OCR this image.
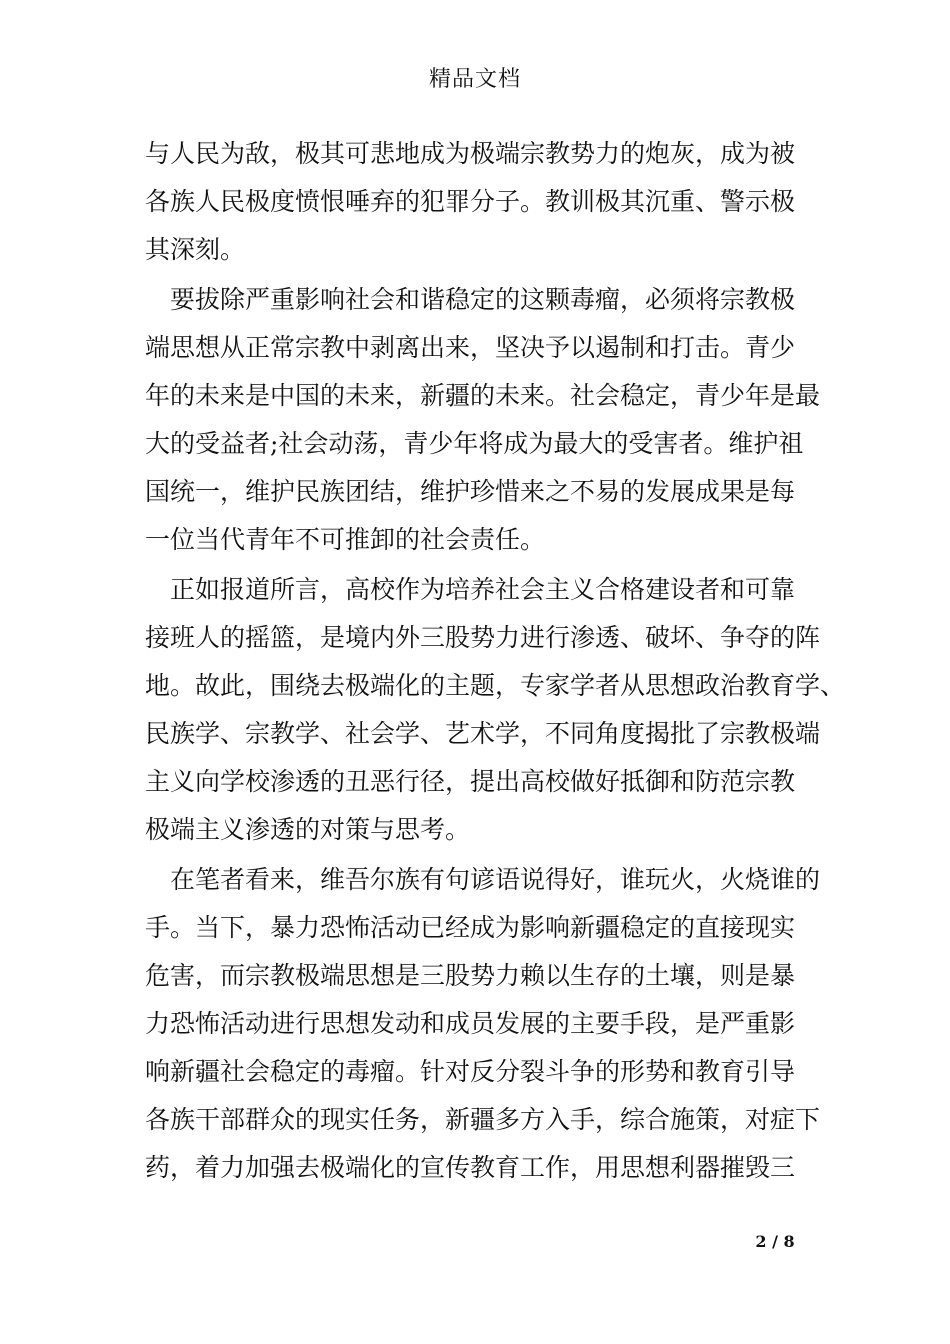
精品文档
与人民为敌，极其可悲地成为极端宗教势力的炮灰，成为被
各族人民极度愤恨唾弃的犯罪分子。教训极其沉重、警示极
其深刻。
　要拔除严重影响社会和谐稳定的这颗毒瘤，必须将宗教极
端思想从正常宗教中剥离出来，坚决予以遏制和打击。青少
年的未来是中国的未来，新疆的未来。社会稳定，青少年是最
大的受益者;社会动荡，青少年将成为最大的受害者。维护祖
国统一，维护民族团结，维护珍惜来之不易的发展成果是每
一位当代青年不可推卸的社会责任。
　正如报道所言，高校作为培养社会主义合格建设者和可靠
接班人的摇篮，是境内外三股势力进行渗透、破坏、争夺的阵
地。故此，围绕去极端化的主题，专家学者从思想政治教育学、
民族学、宗教学、社会学、艺术学，不同角度揭批了宗教极端
主义向学校渗透的丑恶行径，提出高校做好抵御和防范宗教
极端主义渗透的对策与思考。
　在笔者看来，维吾尔族有句谚语说得好，谁玩火，火烧谁的
手。当下，暴力恐怖活动已经成为影响新疆稳定的直接现实
危害，而宗教极端思想是三股势力赖以生存的土壤，则是暴
力恐怖活动进行思想发动和成员发展的主要手段，是严重影
响新疆社会稳定的毒瘤。针对反分裂斗争的形势和教育引导
各族干部群众的现实任务，新疆多方入手，综合施策，对症下
药，着力加强去极端化的宣传教育工作，用思想利器摧毁三
2 / 8
